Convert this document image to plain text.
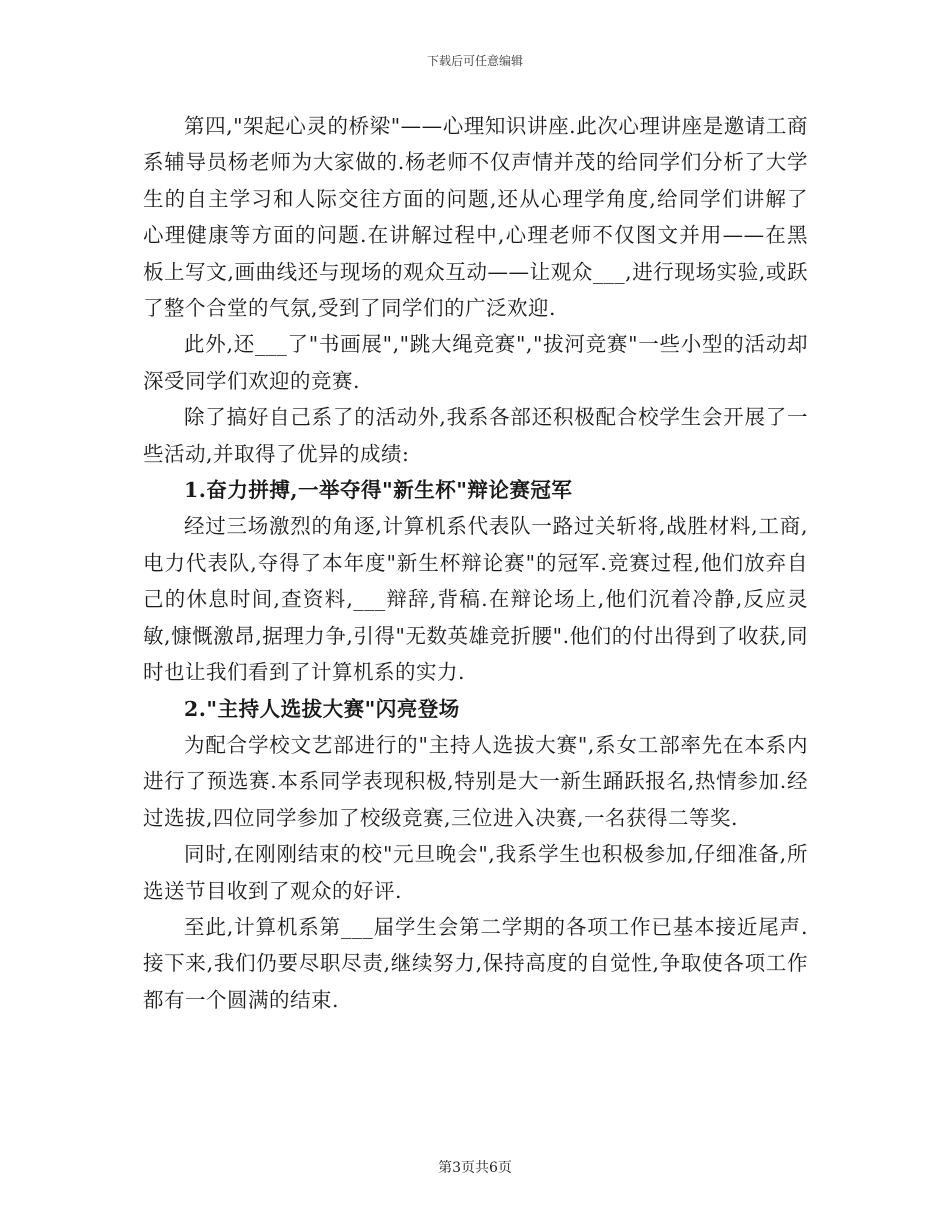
下载后可任意编辑

第四,"架起心灵的桥梁"——心理知识讲座.此次心理讲座是邀请工商系辅导员杨老师为大家做的.杨老师不仅声情并茂的给同学们分析了大学生的自主学习和人际交往方面的问题,还从心理学角度,给同学们讲解了心理健康等方面的问题.在讲解过程中,心理老师不仅图文并用——在黑板上写文,画曲线还与现场的观众互动——让观众___,进行现场实验,或跃了整个合堂的气氛,受到了同学们的广泛欢迎.

此外,还___了"书画展","跳大绳竞赛","拔河竞赛"一些小型的活动却深受同学们欢迎的竞赛.

除了搞好自己系了的活动外,我系各部还积极配合校学生会开展了一些活动,并取得了优异的成绩:

1.奋力拼搏,一举夺得"新生杯"辩论赛冠军

经过三场激烈的角逐,计算机系代表队一路过关斩将,战胜材料,工商,电力代表队,夺得了本年度"新生杯辩论赛"的冠军.竞赛过程,他们放弃自己的休息时间,查资料,___辩辞,背稿.在辩论场上,他们沉着冷静,反应灵敏,慷慨激昂,据理力争,引得"无数英雄竞折腰".他们的付出得到了收获,同时也让我们看到了计算机系的实力.

2."主持人选拔大赛"闪亮登场

为配合学校文艺部进行的"主持人选拔大赛",系女工部率先在本系内进行了预选赛.本系同学表现积极,特别是大一新生踊跃报名,热情参加.经过选拔,四位同学参加了校级竞赛,三位进入决赛,一名获得二等奖.

同时,在刚刚结束的校"元旦晚会",我系学生也积极参加,仔细准备,所选送节目收到了观众的好评.

至此,计算机系第___届学生会第二学期的各项工作已基本接近尾声.接下来,我们仍要尽职尽责,继续努力,保持高度的自觉性,争取使各项工作都有一个圆满的结束.

第3页共6页
